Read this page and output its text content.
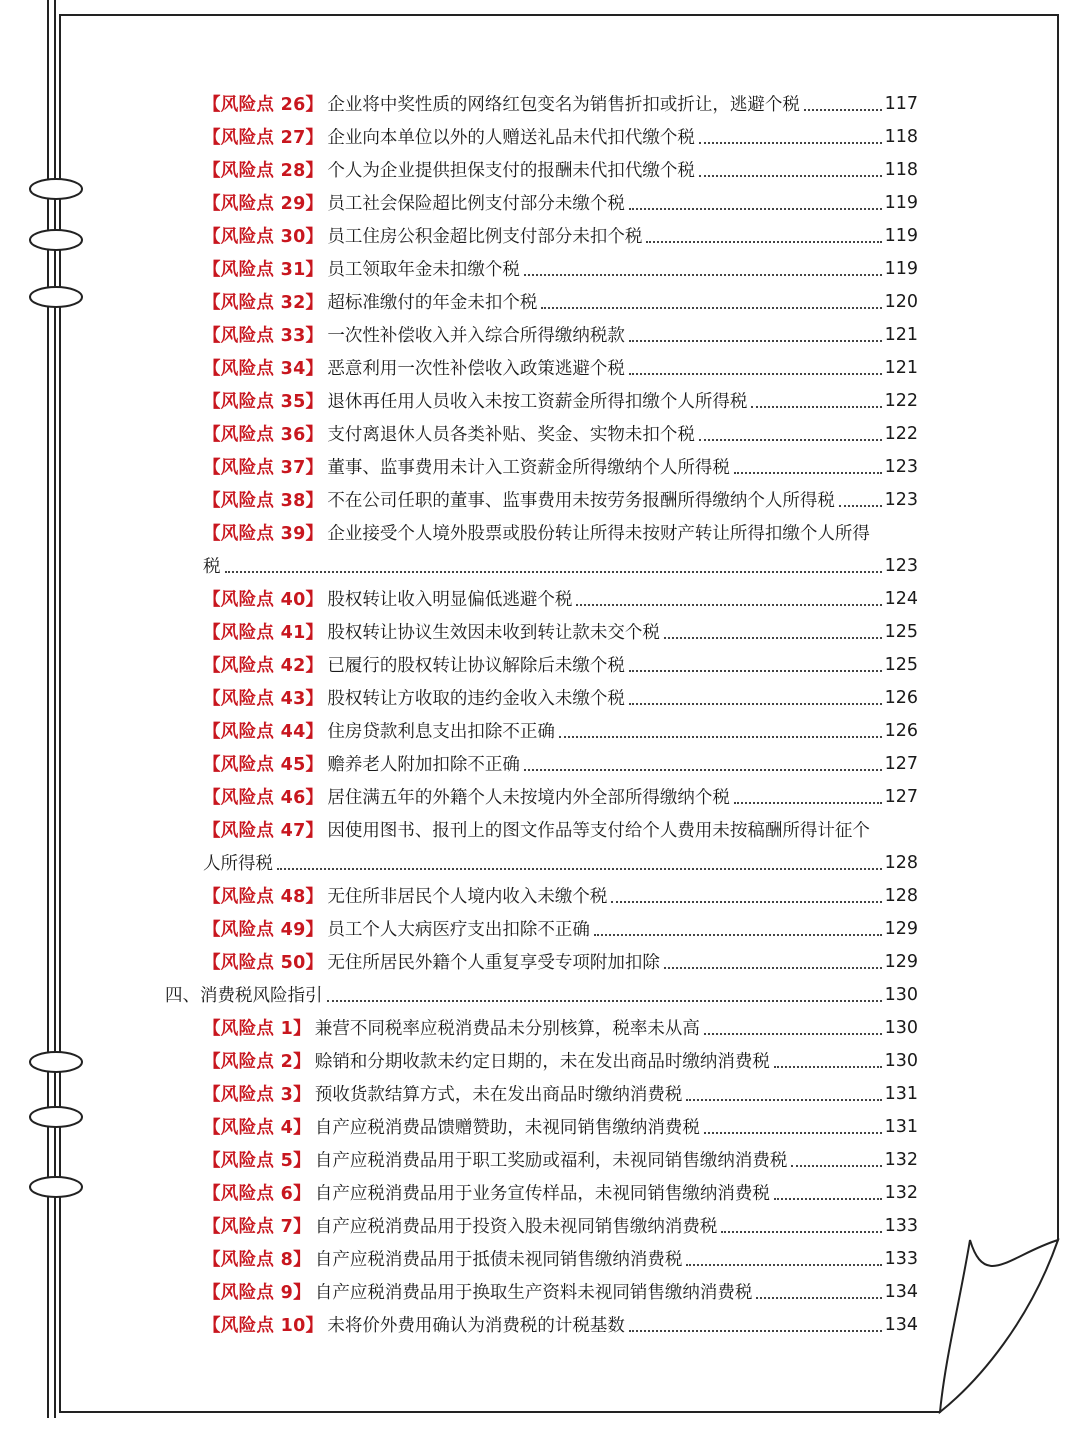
【风险点 26】 企业将中奖性质的网络红包变名为销售折扣或折让，逃避个税	117
【风险点 27】 企业向本单位以外的人赠送礼品未代扣代缴个税	118
【风险点 28】 个人为企业提供担保支付的报酬未代扣代缴个税	118
【风险点 29】 员工社会保险超比例支付部分未缴个税	119
【风险点 30】 员工住房公积金超比例支付部分未扣个税	119
【风险点 31】 员工领取年金未扣缴个税	119
【风险点 32】 超标准缴付的年金未扣个税	120
【风险点 33】 一次性补偿收入并入综合所得缴纳税款	121
【风险点 34】 恶意利用一次性补偿收入政策逃避个税	121
【风险点 35】 退休再任用人员收入未按工资薪金所得扣缴个人所得税	122
【风险点 36】 支付离退休人员各类补贴、奖金、实物未扣个税	122
【风险点 37】 董事、监事费用未计入工资薪金所得缴纳个人所得税	123
【风险点 38】 不在公司任职的董事、监事费用未按劳务报酬所得缴纳个人所得税	123
【风险点 39】 企业接受个人境外股票或股份转让所得未按财产转让所得扣缴个人所得
税	123
【风险点 40】 股权转让收入明显偏低逃避个税	124
【风险点 41】 股权转让协议生效因未收到转让款未交个税	125
【风险点 42】 已履行的股权转让协议解除后未缴个税	125
【风险点 43】 股权转让方收取的违约金收入未缴个税	126
【风险点 44】 住房贷款利息支出扣除不正确	126
【风险点 45】 赡养老人附加扣除不正确	127
【风险点 46】 居住满五年的外籍个人未按境内外全部所得缴纳个税	127
【风险点 47】 因使用图书、报刊上的图文作品等支付给个人费用未按稿酬所得计征个
人所得税	128
【风险点 48】 无住所非居民个人境内收入未缴个税	128
【风险点 49】 员工个人大病医疗支出扣除不正确	129
【风险点 50】 无住所居民外籍个人重复享受专项附加扣除	129
四、消费税风险指引	130
【风险点 1】 兼营不同税率应税消费品未分别核算，税率未从高	130
【风险点 2】 赊销和分期收款未约定日期的，未在发出商品时缴纳消费税	130
【风险点 3】 预收货款结算方式，未在发出商品时缴纳消费税	131
【风险点 4】 自产应税消费品馈赠赞助，未视同销售缴纳消费税	131
【风险点 5】 自产应税消费品用于职工奖励或福利，未视同销售缴纳消费税	132
【风险点 6】 自产应税消费品用于业务宣传样品，未视同销售缴纳消费税	132
【风险点 7】 自产应税消费品用于投资入股未视同销售缴纳消费税	133
【风险点 8】 自产应税消费品用于抵债未视同销售缴纳消费税	133
【风险点 9】 自产应税消费品用于换取生产资料未视同销售缴纳消费税	134
【风险点 10】 未将价外费用确认为消费税的计税基数	134
